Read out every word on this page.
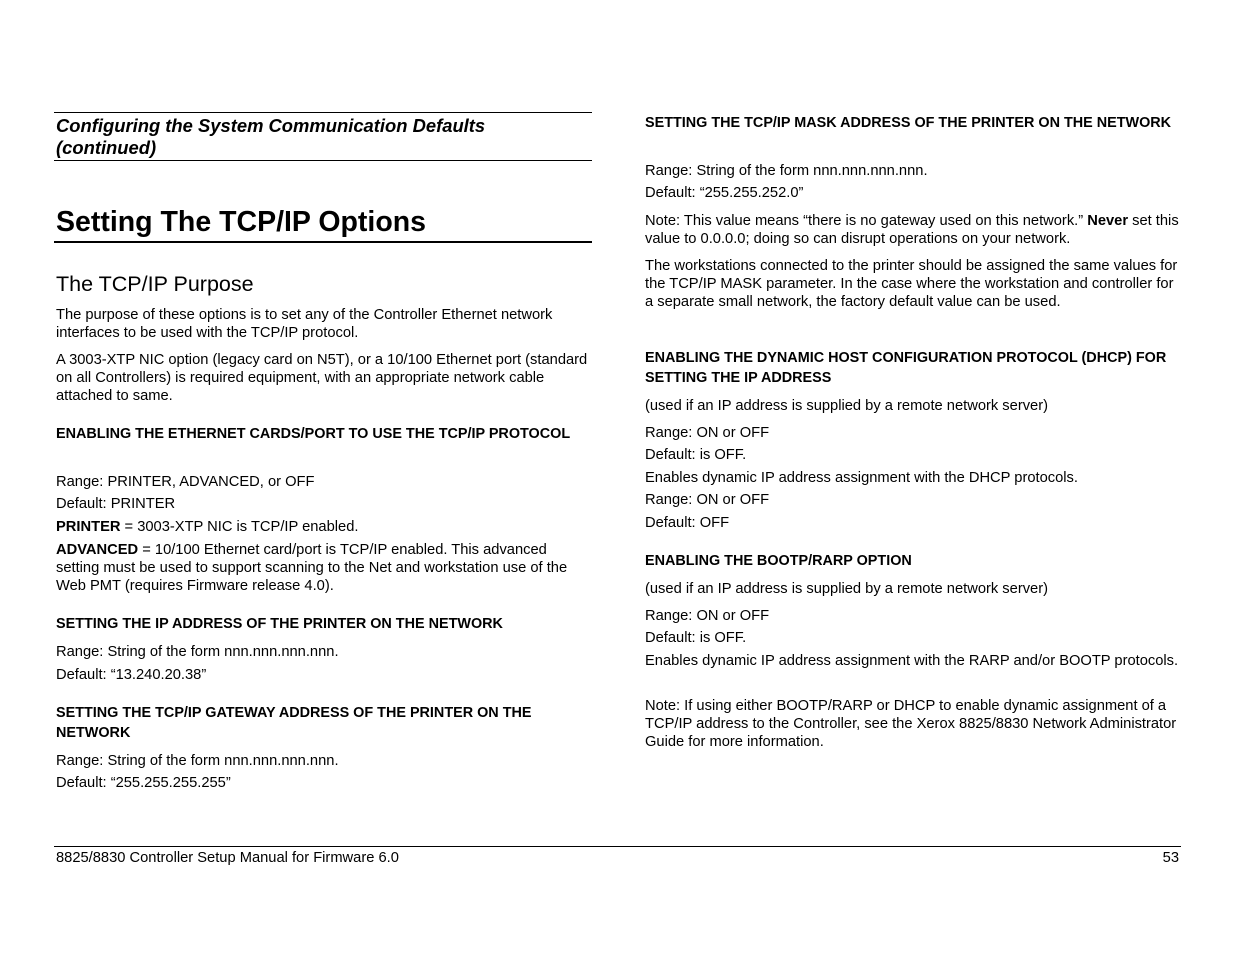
Configuring the System Communication Defaults (continued)
Setting The TCP/IP Options
The TCP/IP Purpose

The purpose of these options is to set any of the Controller Ethernet network interfaces to be used with the TCP/IP protocol.

A 3003-XTP NIC option (legacy card on N5T), or a 10/100 Ethernet port (standard on all Controllers) is required equipment, with an appropriate network cable attached to same.

ENABLING THE ETHERNET CARDS/PORT TO USE THE TCP/IP PROTOCOL

Range: PRINTER, ADVANCED, or OFF

Default: PRINTER

PRINTER = 3003-XTP NIC is TCP/IP enabled.

ADVANCED = 10/100 Ethernet card/port is TCP/IP enabled. This advanced setting must be used to support scanning to the Net and workstation use of the Web PMT (requires Firmware release 4.0).

SETTING THE IP ADDRESS OF THE PRINTER ON THE NETWORK

Range: String of the form nnn.nnn.nnn.nnn.

Default: “13.240.20.38”

SETTING THE TCP/IP GATEWAY ADDRESS OF THE PRINTER ON THE NETWORK

Range: String of the form nnn.nnn.nnn.nnn.

Default: “255.255.255.255”

SETTING THE TCP/IP MASK ADDRESS OF THE PRINTER ON THE NETWORK

Range: String of the form nnn.nnn.nnn.nnn.

Default: “255.255.252.0”

Note: This value means “there is no gateway used on this network.” Never set this value to 0.0.0.0; doing so can disrupt operations on your network.

The workstations connected to the printer should be assigned the same values for the TCP/IP MASK parameter. In the case where the workstation and controller for a separate small network, the factory default value can be used.

ENABLING THE DYNAMIC HOST CONFIGURATION PROTOCOL (DHCP) FOR SETTING THE IP ADDRESS

(used if an IP address is supplied by a remote network server)

Range: ON or OFF

Default: is OFF.

Enables dynamic IP address assignment with the DHCP protocols.

Range: ON or OFF

Default: OFF

ENABLING THE BOOTP/RARP OPTION

(used if an IP address is supplied by a remote network server)

Range: ON or OFF

Default: is OFF.

Enables dynamic IP address assignment with the RARP and/or BOOTP protocols.

Note: If using either BOOTP/RARP or DHCP to enable dynamic assignment of a TCP/IP address to the Controller, see the Xerox 8825/8830 Network Administrator Guide for more information.

8825/8830 Controller Setup Manual for Firmware 6.0	53
